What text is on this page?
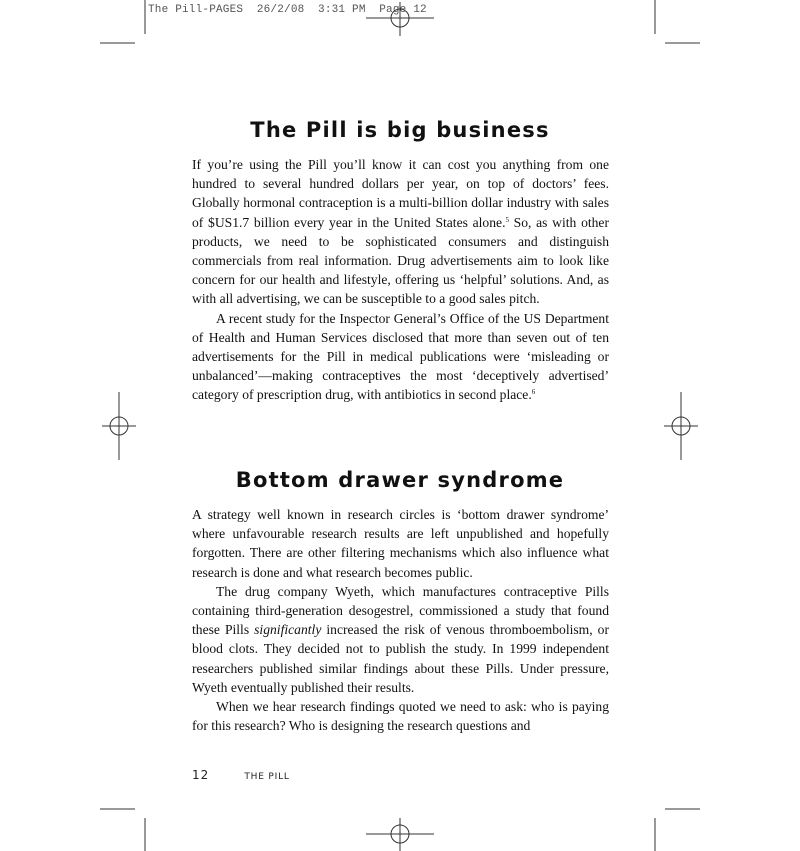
The Pill-PAGES  26/2/08  3:31 PM  Page 12
The Pill is big business

If you’re using the Pill you’ll know it can cost you anything from one hundred to several hundred dollars per year, on top of doctors’ fees. Globally hormonal contraception is a multi-billion dollar industry with sales of $US1.7 billion every year in the United States alone.$^5$ So, as with other products, we need to be sophisticated consumers and distinguish commercials from real information. Drug advertisements aim to look like concern for our health and lifestyle, offering us ‘helpful’ solutions. And, as with all advertising, we can be susceptible to a good sales pitch.

A recent study for the Inspector General’s Office of the US Department of Health and Human Services disclosed that more than seven out of ten advertisements for the Pill in medical publications were ‘misleading or unbalanced’—making contraceptives the most ‘deceptively advertised’ category of prescription drug, with antibiotics in second place.$^6$

Bottom drawer syndrome

A strategy well known in research circles is ‘bottom drawer syndrome’ where unfavourable research results are left unpublished and hopefully forgotten. There are other filtering mechanisms which also influence what research is done and what research becomes public.

The drug company Wyeth, which manufactures contraceptive Pills containing third-generation desogestrel, commissioned a study that found these Pills significantly increased the risk of venous thromboembolism, or blood clots. They decided not to publish the study. In 1999 independent researchers published similar findings about these Pills. Under pressure, Wyeth eventually published their results.

When we hear research findings quoted we need to ask: who is paying for this research? Who is designing the research questions and

12	THE PILL
